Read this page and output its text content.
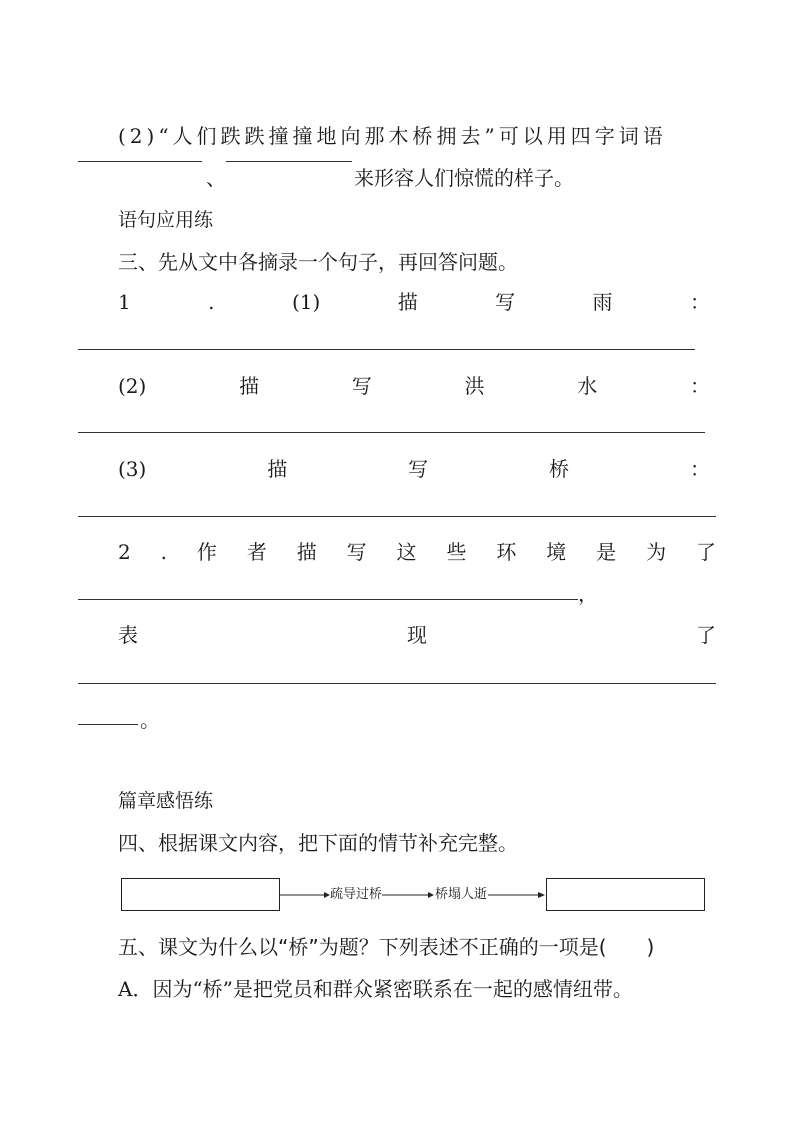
(2)“人们跌跌撞撞地向那木桥拥去”可以用四字词语
、	来形容人们惊慌的样子。
语句应用练
三、先从文中各摘录一个句子，再回答问题。
1	.	(1)	描	写	雨	：
(2)	描	写	洪	水	：
(3)	描	写	桥	：
2 . 作 者 描 写 这 些 环 境 是 为 了
，
表	现	了
。
篇章感悟练
四、根据课文内容，把下面的情节补充完整。
疏导过桥	桥塌人逝
五、课文为什么以“桥”为题？下列表述不正确的一项是(　　)
A．因为“桥”是把党员和群众紧密联系在一起的感情纽带。
